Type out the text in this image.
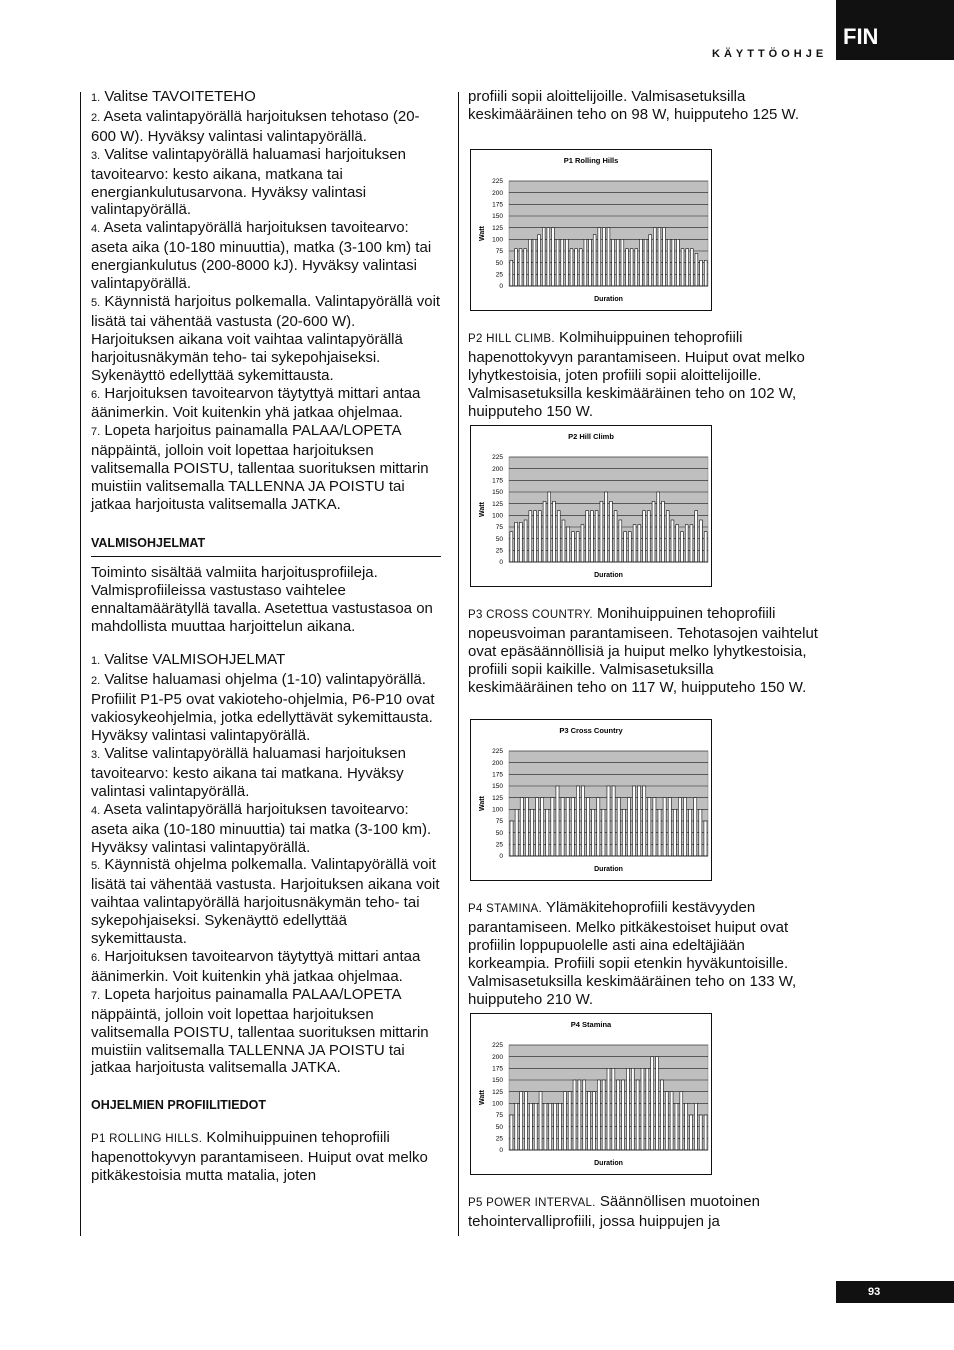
KÄYTTÖOHJE
FIN

1. Valitse TAVOITETEHO

2. Aseta valintapyörällä harjoituksen tehotaso (20-600 W). Hyväksy valintasi valintapyörällä.

3. Valitse valintapyörällä haluamasi harjoituksen tavoitearvo: kesto aikana, matkana tai energiankulutusarvona. Hyväksy valintasi valintapyörällä.

4. Aseta valintapyörällä harjoituksen tavoitearvo: aseta aika (10-180 minuuttia), matka (3-100 km) tai energiankulutus (200-8000 kJ). Hyväksy valintasi valintapyörällä.

5. Käynnistä harjoitus polkemalla. Valintapyörällä voit lisätä tai vähentää vastusta (20-600 W). Harjoituksen aikana voit vaihtaa valintapyörällä harjoitusnäkymän teho- tai sykepohjaiseksi. Sykenäyttö edellyttää sykemittausta.

6. Harjoituksen tavoitearvon täytyttyä mittari antaa äänimerkin. Voit kuitenkin yhä jatkaa ohjelmaa.

7. Lopeta harjoitus painamalla PALAA/LOPETA näppäintä, jolloin voit lopettaa harjoituksen valitsemalla POISTU, tallentaa suorituksen mittarin muistiin valitsemalla TALLENNA JA POISTU tai jatkaa harjoitusta valitsemalla JATKA.

VALMISOHJELMAT

Toiminto sisältää valmiita harjoitusprofiileja. Valmisprofiileissa vastustaso vaihtelee ennaltamäärätyllä tavalla. Asetettua vastustasoa on mahdollista muuttaa harjoittelun aikana.

1. Valitse VALMISOHJELMAT

2. Valitse haluamasi ohjelma (1-10) valintapyörällä.

Profiilit P1-P5 ovat vakioteho-ohjelmia, P6-P10 ovat vakiosykeohjelmia, jotka edellyttävät sykemittausta. Hyväksy valintasi valintapyörällä.

3. Valitse valintapyörällä haluamasi harjoituksen tavoitearvo: kesto aikana tai matkana. Hyväksy valintasi valintapyörällä.

4. Aseta valintapyörällä harjoituksen tavoitearvo: aseta aika (10-180 minuuttia) tai matka (3-100 km). Hyväksy valintasi valintapyörällä.

5. Käynnistä ohjelma polkemalla. Valintapyörällä voit lisätä tai vähentää vastusta. Harjoituksen aikana voit vaihtaa valintapyörällä harjoitusnäkymän teho- tai sykepohjaiseksi. Sykenäyttö edellyttää sykemittausta.

6. Harjoituksen tavoitearvon täytyttyä mittari antaa äänimerkin. Voit kuitenkin yhä jatkaa ohjelmaa.

7. Lopeta harjoitus painamalla PALAA/LOPETA näppäintä, jolloin voit lopettaa harjoituksen valitsemalla POISTU, tallentaa suorituksen mittarin muistiin valitsemalla TALLENNA JA POISTU tai jatkaa harjoitusta valitsemalla JATKA.

OHJELMIEN PROFIILITIEDOT

P1 ROLLING HILLS. Kolmihuippuinen tehoprofiili hapenottokyvyn parantamiseen. Huiput ovat melko pitkäkestoisia mutta matalia, joten

profiili sopii aloittelijoille. Valmisasetuksilla keskimääräinen teho on 98 W, huipputeho 125 W.

P2 HILL CLIMB. Kolmihuippuinen tehoprofiili hapenottokyvyn parantamiseen. Huiput ovat melko lyhytkestoisia, joten profiili sopii aloittelijoille. Valmisasetuksilla keskimääräinen teho on 102 W, huipputeho 150 W.

P3 CROSS COUNTRY. Monihuippuinen tehoprofiili nopeusvoiman parantamiseen. Tehotasojen vaihtelut ovat epäsäännöllisiä ja huiput melko lyhytkestoisia, profiili sopii kaikille. Valmisasetuksilla keskimääräinen teho on 117 W, huipputeho 150 W.

P4 STAMINA. Ylämäkitehoprofiili kestävyyden parantamiseen. Melko pitkäkestoiset huiput ovat profiilin loppupuolelle asti aina edeltäjiään korkeampia. Profiili sopii etenkin hyväkuntoisille. Valmisasetuksilla keskimääräinen teho on 133 W, huipputeho 210 W.

P5 POWER INTERVAL. Säännöllisen muotoinen tehointervalliprofiili, jossa huippujen ja

P1 Rolling Hills
0
25
50
75
100
125
150
175
200
225
Watt
Duration
P2 Hill Climb
0
25
50
75
100
125
150
175
200
225
Watt
Duration
P3 Cross Country
0
25
50
75
100
125
150
175
200
225
Watt
Duration
P4 Stamina
0
25
50
75
100
125
150
175
200
225
Watt
Duration
93
